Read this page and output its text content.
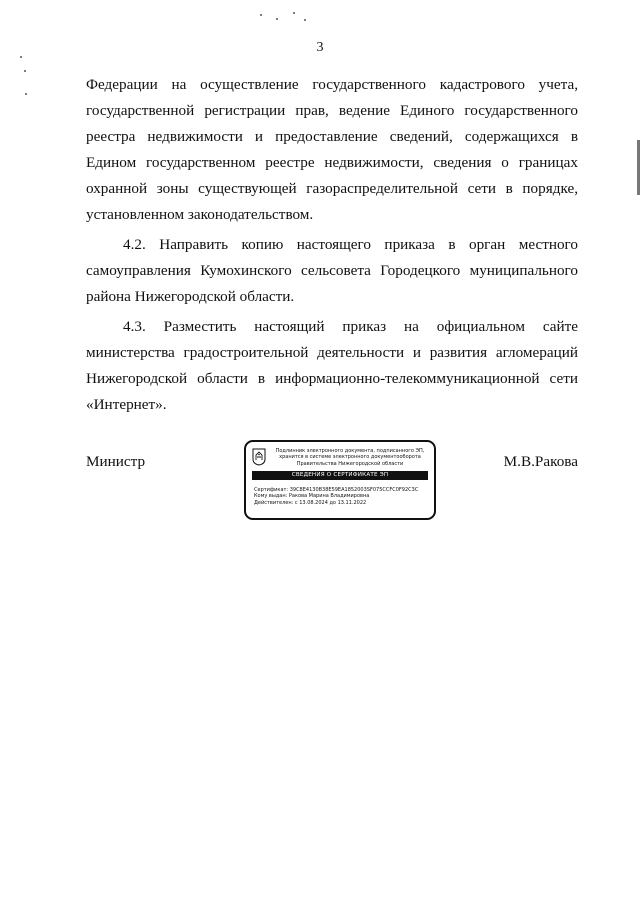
3

Федерации на осуществление государственного кадастрового учета, государственной регистрации прав, ведение Единого государственного реестра недвижимости и предоставление сведений, содержащихся в Едином государственном реестре недвижимости, сведения о границах охранной зоны существующей газораспределительной сети в порядке, установленном законодательством.

4.2. Направить копию настоящего приказа в орган местного самоуправления Кумохинского сельсовета Городецкого муниципального района Нижегородской области.

4.3. Разместить настоящий приказ на официальном сайте министерства градостроительной деятельности и развития агломераций Нижегородской области в информационно-телекоммуникационной сети «Интернет».

Министр	М.В.Ракова
Подлинник электронного документа, подписанного ЭП,
хранится в системе электронного документооборота
Правительства Нижегородской области
СВЕДЕНИЯ О СЕРТИФИКАТЕ ЭП
Сертификат: 39C8E4130B38E59EA1852003SF075CCFC0F92C3C
Кому выдан: Ракова Марина Владимировна
Действителен: с 13.08.2024 до 13.11.2022
